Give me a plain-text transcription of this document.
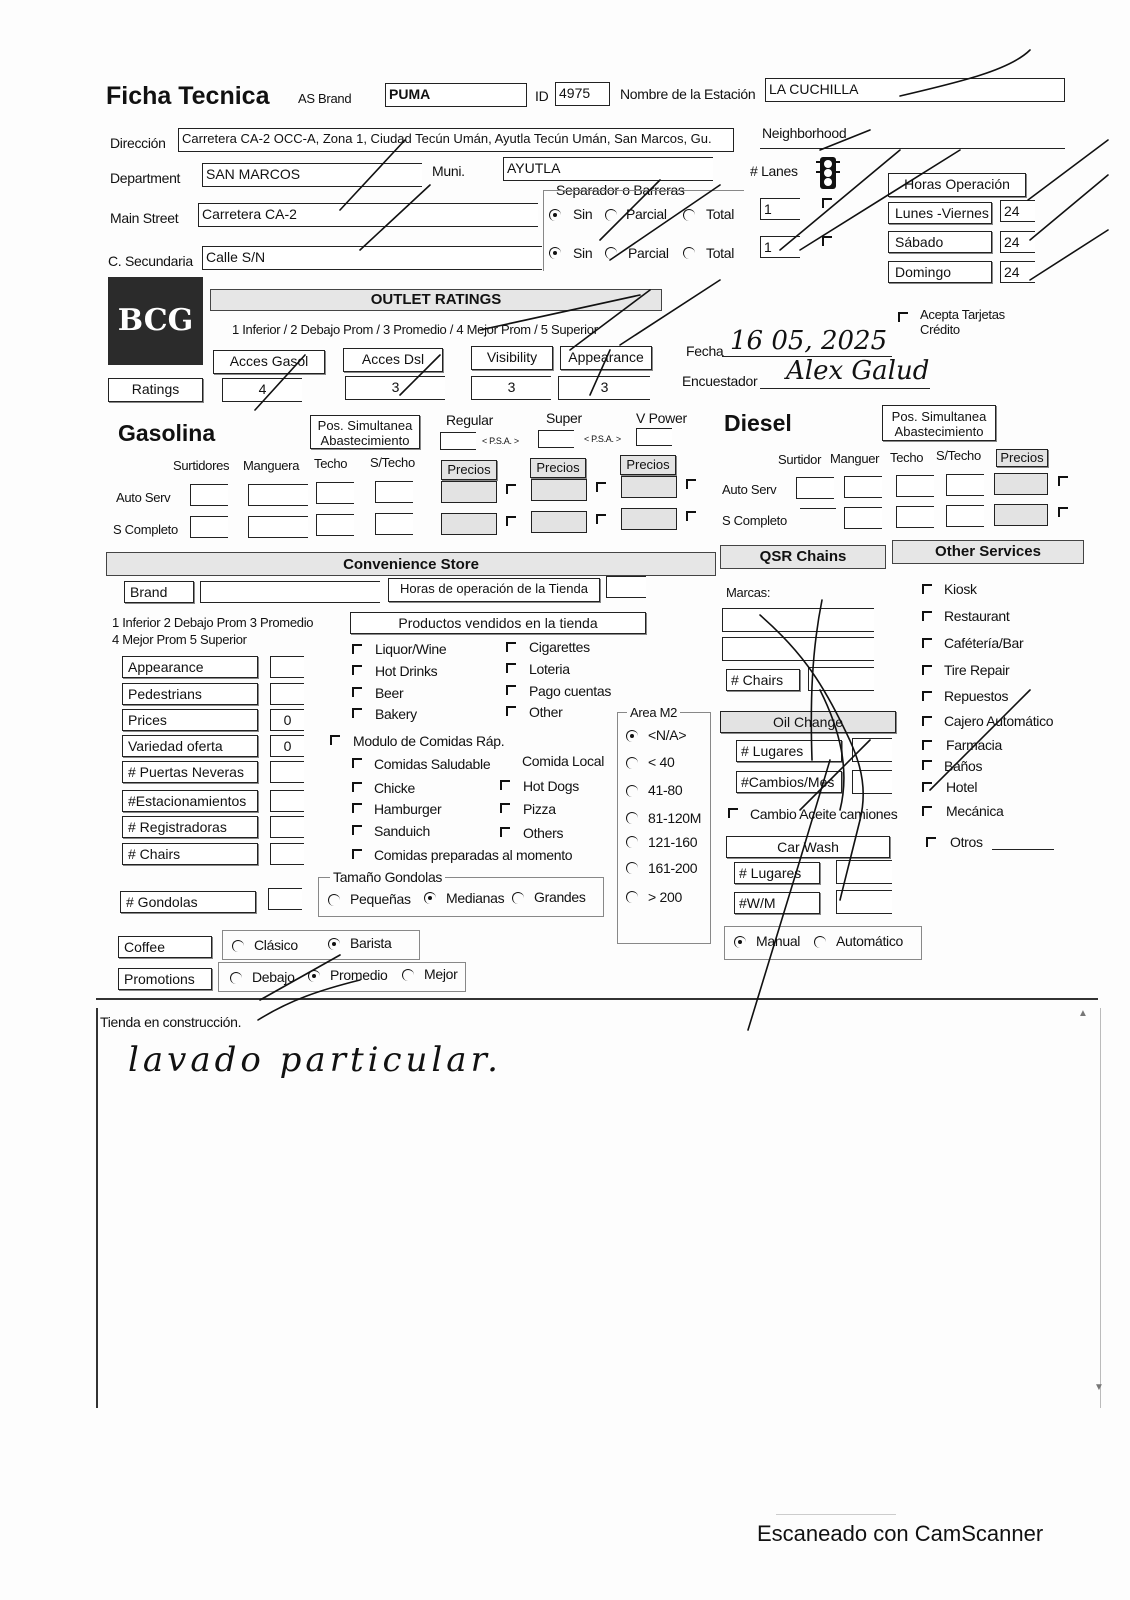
Ficha Tecnica AS Brand	PUMA	ID 4975	Nombre de la Estación LA CUCHILLA
Dirección	Carretera CA-2 OCC-A, Zona 1, Ciudad Tecún Umán, Ayutla Tecún Umán, San Marcos, Gu.	Neighborhood
Department SAN MARCOS	Muni.	AYUTLA	# Lanes
Separador o Barreras
Main Street Carretera CA-2	Sin Parcial	Total 1
C. Secundaria Calle S/N	Sin	Parcial	Total 1
Horas Operación
Lunes -Viernes 24
Sábado	24
Domingo	24
BCG
OUTLET RATINGS
1 Inferior / 2 Debajo Prom / 3 Promedio / 4 Mejor Prom / 5 Superior
Acces Gasol	Acces Dsl	Visibility	Appearance
Ratings	4	3	3	3
Fecha 16 05, 2025
Encuestador Alex Galud
Acepta Tarjetas Crédito
Gasolina	Pos. Simultanea Abastecimiento
Regular	Super	V Power
< P.S.A. >	< P.S.A. >
Surtidores Manguera Techo S/Techo	Precios	Precios	Precios
Auto Serv
S Completo
Diesel	Pos. Simultanea Abastecimiento
Surtidor Manguer Techo S/Techo	Precios
Auto Serv
S Completo
Convenience Store	QSR Chains	Other Services
Brand	Horas de operación de la Tienda
1 Inferior 2 Debajo Prom 3 Promedio
4 Mejor Prom 5 Superior
Appearance
Pedestrians
Prices	0
Variedad oferta	0
# Puertas Neveras
#Estacionamientos
# Registradoras
# Chairs
# Gondolas
Productos vendidos en la tienda
Liquor/Wine
Hot Drinks
Beer
Bakery
Cigarettes
Loteria
Pago cuentas
Other
Modulo de Comidas Ráp.
Comida Local
Comidas Saludable
Chicke
Hamburger
Sanduich
Hot Dogs
Pizza
Others
Comidas preparadas al momento
Tamaño Gondolas
Pequeñas	Medianas Grandes
Area M2
<N/A>
< 40
41-80
81-120M
121-160
161-200
> 200
Coffee	Clásico	Barista
Promotions	Debajo	Promedio	Mejor
Marcas:
# Chairs
Oil Change
# Lugares
#Cambios/Mes
Cambio Aceite camiones
Car Wash
# Lugares
#W/M
Manual	Automático
Kiosk
Restaurant
Cafétería/Bar
Tire Repair
Repuestos
Cajero Automático
Farmacia
Baños
Hotel
Mecánica
Otros
Tienda en construcción.
lavado particular.
▲
▼
Escaneado con CamScanner
